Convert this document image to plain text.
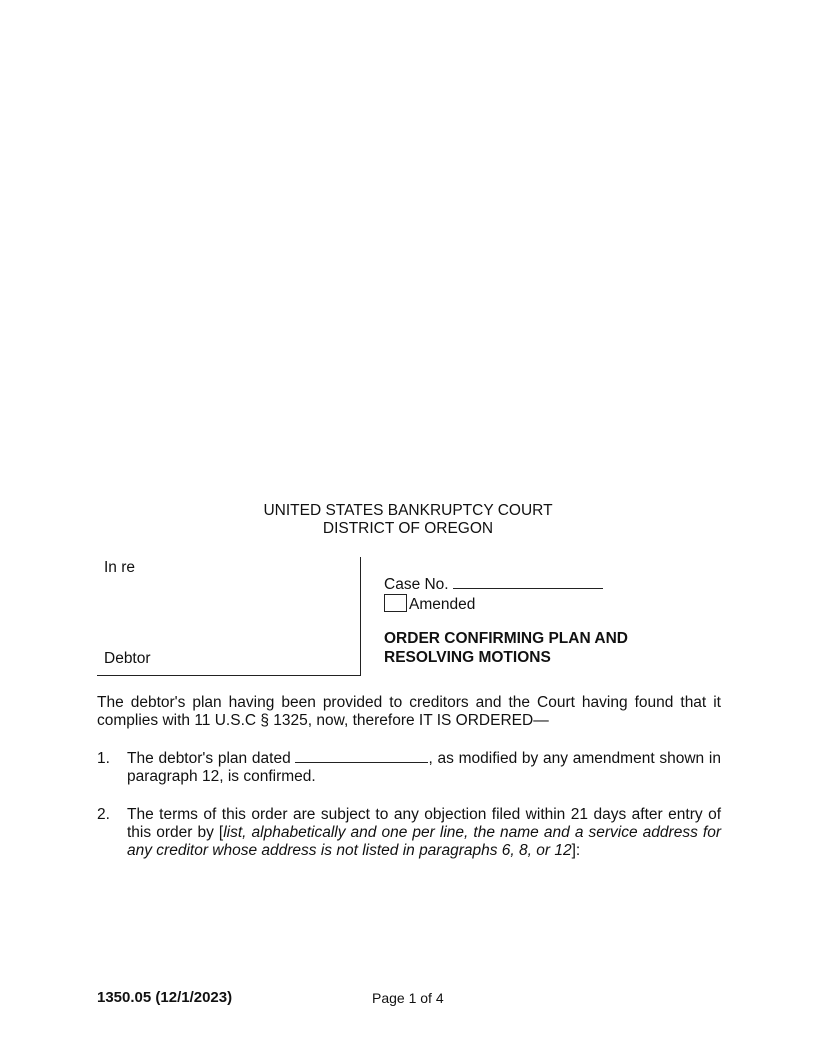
UNITED STATES BANKRUPTCY COURT
DISTRICT OF OREGON
In re
Debtor
Case No.
Amended
ORDER CONFIRMING PLAN AND
RESOLVING MOTIONS
The debtor's plan having been provided to creditors and the Court having found that it complies with 11 U.S.C § 1325, now, therefore IT IS ORDERED—
1. The debtor's plan dated	, as modified by any amendment shown in paragraph 12, is confirmed.
2. The terms of this order are subject to any objection filed within 21 days after entry of this order by [list, alphabetically and one per line, the name and a service address for any creditor whose address is not listed in paragraphs 6, 8, or 12]:
1350.05 (12/1/2023)	Page 1 of 4
